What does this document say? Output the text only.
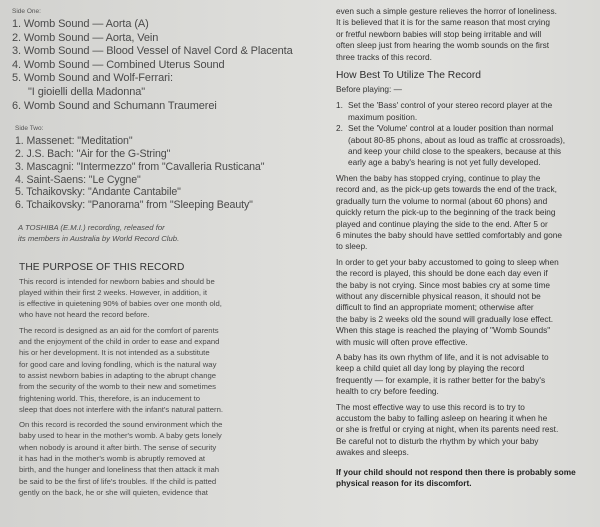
Side One:
1. Womb Sound — Aorta (A)
2. Womb Sound — Aorta, Vein
3. Womb Sound — Blood Vessel of Navel Cord & Placenta
4. Womb Sound — Combined Uterus Sound
5. Womb Sound and Wolf-Ferrari:
"I gioielli della Madonna"
6. Womb Sound and Schumann Traumerei
Side Two:
1. Massenet: "Meditation"
2. J.S. Bach: "Air for the G-String"
3. Mascagni: "Intermezzo" from "Cavalleria Rusticana"
4. Saint-Saens: "Le Cygne"
5. Tchaikovsky: "Andante Cantabile"
6. Tchaikovsky: "Panorama" from "Sleeping Beauty"
A TOSHIBA (E.M.I.) recording, released for
its members in Australia by World Record Club.
THE PURPOSE OF THIS RECORD
This record is intended for newborn babies and should be
played within their first 2 weeks. However, in addition, it
is effective in quietening 90% of babies over one month old,
who have not heard the record before.
The record is designed as an aid for the comfort of parents
and the enjoyment of the child in order to ease and expand
his or her development. It is not intended as a substitute
for good care and loving fondling, which is the natural way
to assist newborn babies in adapting to the abrupt change
from the security of the womb to their new and sometimes
frightening world. This, therefore, is an inducement to
sleep that does not interfere with the infant's natural pattern.
On this record is recorded the sound environment which the
baby used to hear in the mother's womb. A baby gets lonely
when nobody is around it after birth. The sense of security
it has had in the mother's womb is abruptly removed at
birth, and the hunger and loneliness that then attack it mah
be said to be the first of life's troubles. If the child is patted
gently on the back, he or she will quieten, evidence that
even such a simple gesture relieves the horror of loneliness.
It is believed that it is for the same reason that most crying
or fretful newborn babies will stop being irritable and will
often sleep just from hearing the womb sounds on the first
three tracks of this record.
How Best To Utilize The Record
Before playing: —
1. Set the 'Bass' control of your stereo record player at the
maximum position.
2. Set the 'Volume' control at a louder position than normal
(about 80-85 phons, about as loud as traffic at crossroads),
and keep your child close to the speakers, because at this
early age a baby's hearing is not yet fully developed.
When the baby has stopped crying, continue to play the
record and, as the pick-up gets towards the end of the track,
gradually turn the volume to normal (about 60 phons) and
quickly return the pick-up to the beginning of the track being
played and continue playing the side to the end. After 5 or
6 minutes the baby should have settled comfortably and gone
to sleep.
In order to get your baby accustomed to going to sleep when
the record is played, this should be done each day even if
the baby is not crying. Since most babies cry at some time
without any discernible physical reason, it should not be
difficult to find an appropriate moment; otherwise after
the baby is 2 weeks old the sound will gradually lose effect.
When this stage is reached the playing of "Womb Sounds"
with music will often prove effective.
A baby has its own rhythm of life, and it is not advisable to
keep a child quiet all day long by playing the record
frequently — for example, it is rather better for the baby's
health to cry before feeding.
The most effective way to use this record is to try to
accustom the baby to falling asleep on hearing it when he
or she is fretful or crying at night, when its parents need rest.
Be careful not to disturb the rhythm by which your baby
awakes and sleeps.
If your child should not respond then there is probably some
physical reason for its discomfort.
